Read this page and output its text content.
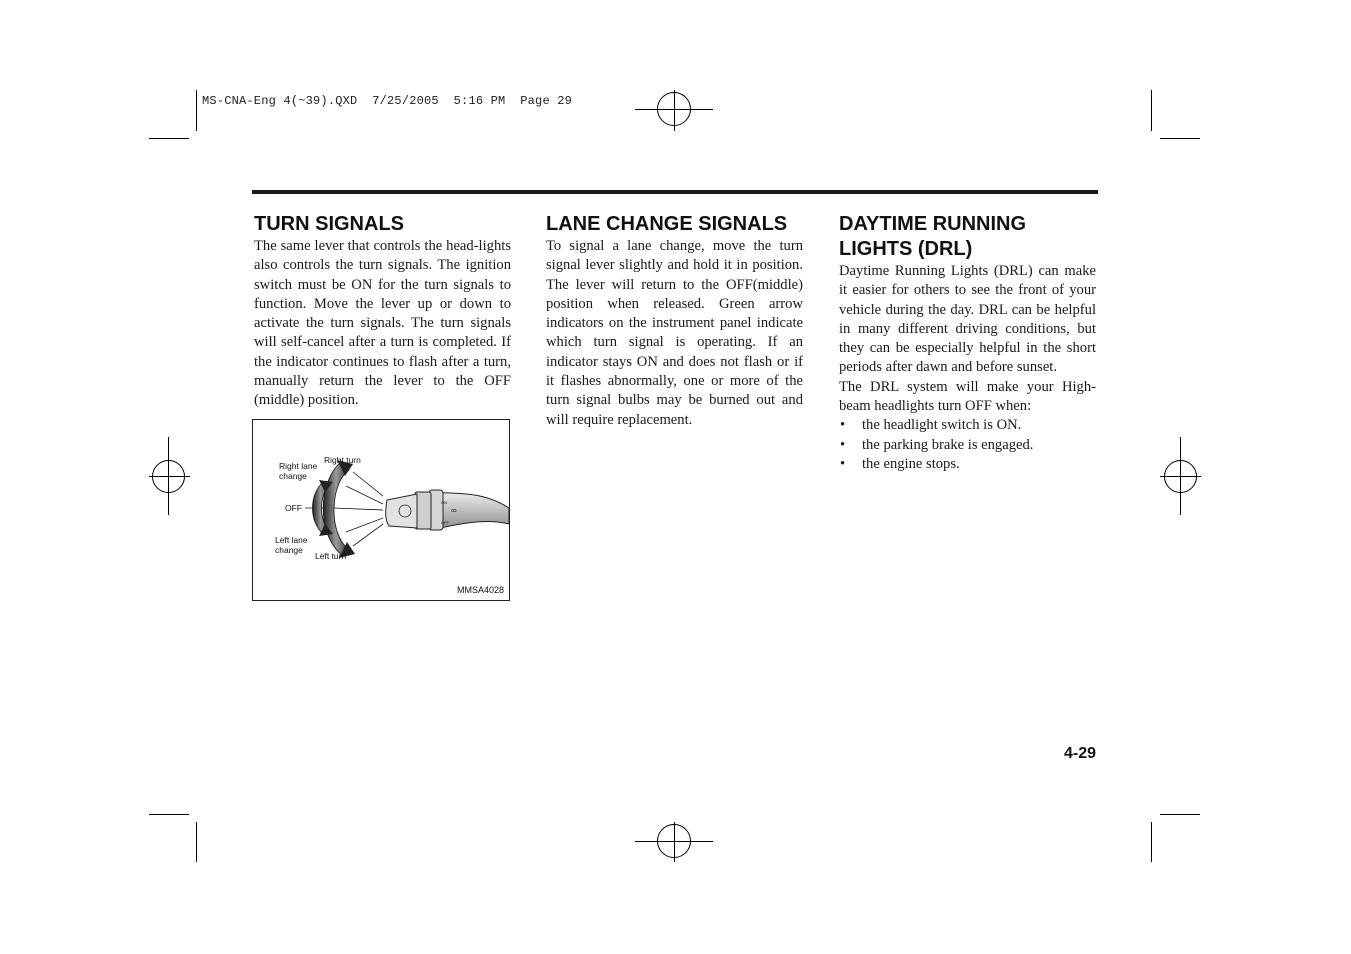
MS-CNA-Eng 4(~39).QXD  7/25/2005  5:16 PM  Page 29
TURN SIGNALS

The same lever that controls the head-lights also controls the turn signals. The ignition switch must be ON for the turn signals to function. Move the lever up or down to activate the turn signals. The turn signals will self-cancel after a turn is completed. If the indicator continues to flash after a turn, manually return the lever to the OFF (middle) position.

ON
OFF
∞
Right lane change
Right turn
OFF
Left lane change
Left turn
MMSA4028
LANE CHANGE SIGNALS

To signal a lane change, move the turn signal lever slightly and hold it in position. The lever will return to the OFF(middle) position when released. Green arrow indicators on the instrument panel indicate which turn signal is operating. If an indicator stays ON and does not flash or if it flashes abnormally, one or more of the turn signal bulbs may be burned out and will require replacement.

DAYTIME RUNNING LIGHTS (DRL)

Daytime Running Lights (DRL) can make it easier for others to see the front of your vehicle during the day. DRL can be helpful in many different driving conditions, but they can be especially helpful in the short periods after dawn and before sunset.

The DRL system will make your High-beam headlights turn OFF when:

• the headlight switch is ON.
• the parking brake is engaged.
• the engine stops.
4-29
